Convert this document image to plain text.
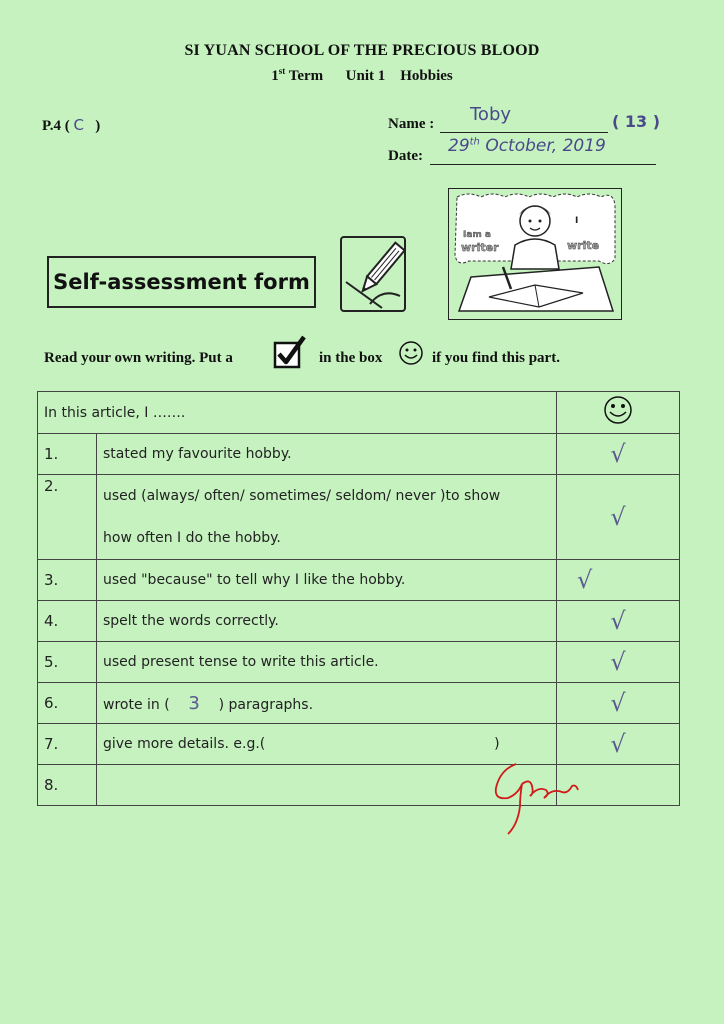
SI YUAN SCHOOL OF THE PRECIOUS BLOOD
1st Term Unit 1 Hobbies
P.4 ( C )	Name : Toby	( 13 )
Date: 29th October, 2019
Self-assessment form
Iam a
writer
I
write
Read your own writing. Put a	in the box	if you find this part.
In this article, I …….	
1.	stated my favourite hobby.	√

2.	used (always/ often/ sometimes/ seldom/ never )to show
how often I do the hobby.	√
3.	used "because" to tell why I like the hobby.	√
4.	spelt the words correctly.	√
5.	used present tense to write this article.	√
6.	wrote in ( 3 ) paragraphs.	√
7.	give more details. e.g.( )	√
8.		
